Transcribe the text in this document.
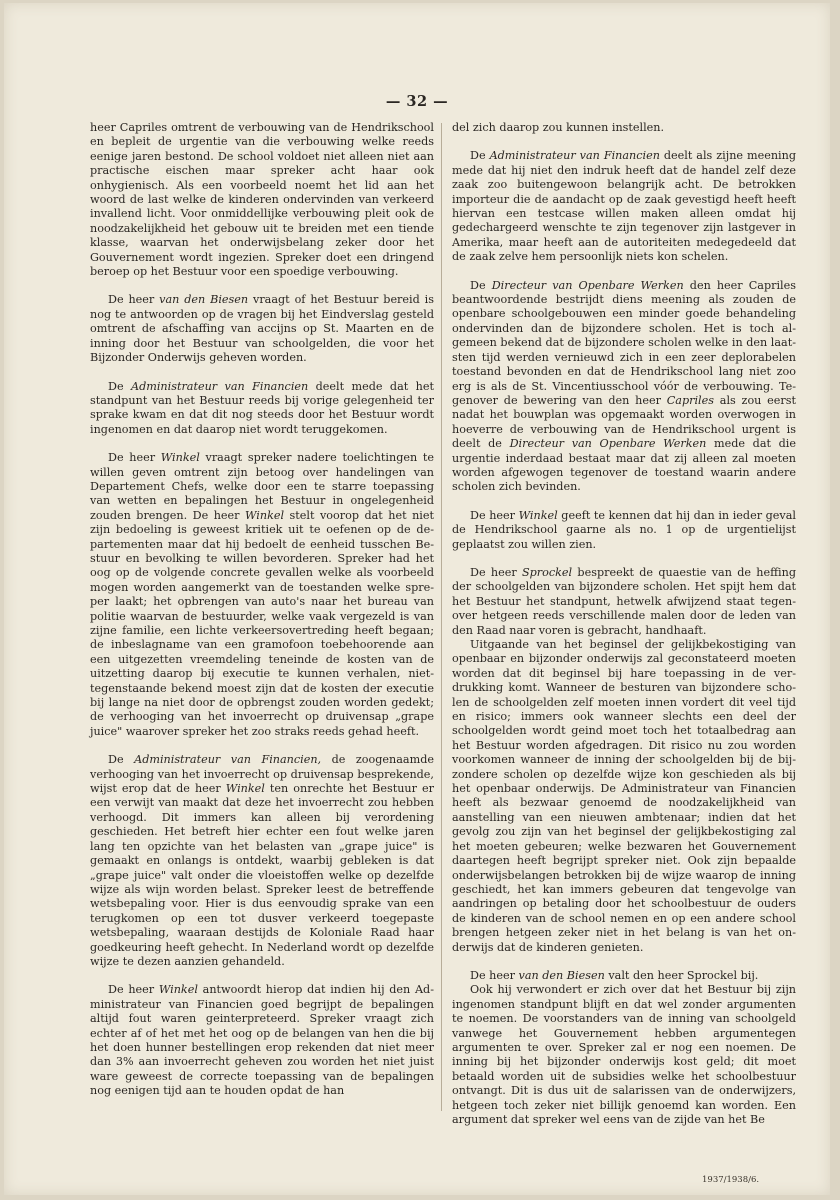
— 32 —

heer Capriles omtrent de verbouwing van de Hendrikschool en bepleit de urgentie van die verbouwing welke reeds eenige jaren bestond. De school voldoet niet alleen niet aan practische eischen maar spreker acht haar ook onhygienisch. Als een voorbeeld noemt het lid aan het woord de last welke de kinderen ondervinden van verkeerd invallend licht. Voor onmiddellijke verbouwing pleit ook de noodzakelijkheid het gebouw uit te breiden met een tiende klasse, waarvan het onderwijsbelang zeker door het Gouvernement wordt ingezien. Spreker doet een dringend beroep op het Bestuur voor een spoedige verbouwing.

De heer van den Biesen vraagt of het Bestuur bereid is nog te antwoorden op de vragen bij het Eindverslag gesteld omtrent de afschaffing van accijns op St. Maarten en de inning door het Bestuur van schoolgelden, die voor het Bijzonder Onderwijs geheven worden.

De Administrateur van Financien deelt mede dat het standpunt van het Bestuur reeds bij vorige gelegenheid ter sprake kwam en dat dit nog steeds door het Bestuur wordt ingenomen en dat daarop niet wordt teruggekomen.

De heer Winkel vraagt spreker nadere toelichtingen te willen geven omtrent zijn betoog over handelingen van Departement Chefs, welke door een te starre toepassing van wetten en bepalingen het Bestuur in ongelegenheid zouden brengen. De heer Winkel stelt voorop dat het niet zijn bedoeling is geweest kritiek uit te oefenen op de departementen maar dat hij bedoelt de eenheid tusschen Bestuur en bevolking te willen bevorderen. Spreker had het oog op de volgende concrete gevallen welke als voorbeeld mogen worden aangemerkt van de toestanden welke spreper laakt; het opbrengen van auto's naar het bureau van politie waarvan de bestuurder, welke vaak vergezeld is van zijne familie, een lichte verkeersovertreding heeft begaan; de inbeslagname van een gramofoon toebehoorende aan een uitgezetten vreemdeling teneinde de kosten van de uitzetting daarop bij executie te kunnen verhalen, niettegenstaande bekend moest zijn dat de kosten der executie bij lange na niet door de opbrengst zouden worden gedekt; de verhooging van het invoerrecht op druivensap „grape juice" waarover spreker het zoo straks reeds gehad heeft.

De Administrateur van Financien, de zoogenaamde verhooging van het invoerrecht op druivensap besprekende, wijst erop dat de heer Winkel ten onrechte het Bestuur er een verwijt van maakt dat deze het invoerrecht zou hebben verhoogd. Dit immers kan alleen bij verordening geschieden. Het betreft hier echter een fout welke jaren lang ten opzichte van het belasten van „grape juice" is gemaakt en onlangs is ontdekt, waarbij gebleken is dat „grape juice" valt onder die vloeistoffen welke op dezelfde wijze als wijn worden belast. Spreker leest de betreffende wetsbepaling voor. Hier is dus eenvoudig sprake van een terugkomen op een tot dusver verkeerd toegepaste wetsbepaling, waaraan destijds de Koloniale Raad haar goedkeuring heeft gehecht. In Nederland wordt op dezelfde wijze te dezen aanzien gehandeld.

De heer Winkel antwoordt hierop dat indien hij den Administrateur van Financien goed begrijpt de bepalingen altijd fout waren geinterpreteerd. Spreker vraagt zich echter af of het met het oog op de belangen van hen die bij het doen hunner bestellingen erop rekenden dat niet meer dan 3% aan invoerrecht geheven zou worden het niet juist ware geweest de correcte toepassing van de bepalingen nog eenigen tijd aan te houden opdat de han

del zich daarop zou kunnen instellen.

De Administrateur van Financien deelt als zijne meening mede dat hij niet den indruk heeft dat de handel zelf deze zaak zoo buitengewoon belangrijk acht. De betrokken importeur die de aandacht op de zaak gevestigd heeft heeft hiervan een testcase willen maken alleen omdat hij gedechargeerd wenschte te zijn tegenover zijn lastgever in Amerika, maar heeft aan de autoriteiten medegedeeld dat de zaak zelve hem persoonlijk niets kon schelen.

De Directeur van Openbare Werken den heer Capriles beantwoordende bestrijdt diens meening als zouden de openbare schoolgebouwen een minder goede behandeling ondervinden dan de bijzondere scholen. Het is toch algemeen bekend dat de bijzondere scholen welke in den laatsten tijd werden vernieuwd zich in een zeer deplorabelen toestand bevonden en dat de Hendrikschool lang niet zoo erg is als de St. Vincentiusschool vóór de verbouwing. Tegenover de bewering van den heer Capriles als zou eerst nadat het bouwplan was opgemaakt worden overwogen in hoeverre de verbouwing van de Hendrikschool urgent is deelt de Directeur van Openbare Werken mede dat die urgentie inderdaad bestaat maar dat zij alleen zal moeten worden afgewogen tegenover de toestand waarin andere scholen zich bevinden.

De heer Winkel geeft te kennen dat hij dan in ieder geval de Hendrikschool gaarne als no. 1 op de urgentielijst geplaatst zou willen zien.

De heer Sprockel bespreekt de quaestie van de heffing der schoolgelden van bijzondere scholen. Het spijt hem dat het Bestuur het standpunt, hetwelk afwijzend staat tegenover hetgeen reeds verschillende malen door de leden van den Raad naar voren is gebracht, handhaaft.

Uitgaande van het beginsel der gelijkbekostiging van openbaar en bijzonder onderwijs zal geconstateerd moeten worden dat dit beginsel bij hare toepassing in de verdrukking komt. Wanneer de besturen van bijzondere scholen de schoolgelden zelf moeten innen vordert dit veel tijd en risico; immers ook wanneer slechts een deel der schoolgelden wordt geind moet toch het totaalbedrag aan het Bestuur worden afgedragen. Dit risico nu zou worden voorkomen wanneer de inning der schoolgelden bij de bijzondere scholen op dezelfde wijze kon geschieden als bij het openbaar onderwijs. De Administrateur van Financien heeft als bezwaar genoemd de noodzakelijkheid van aanstelling van een nieuwen ambtenaar; indien dat het gevolg zou zijn van het beginsel der gelijkbekostiging zal het moeten gebeuren; welke bezwaren het Gouvernement daartegen heeft begrijpt spreker niet. Ook zijn bepaalde onderwijsbelangen betrokken bij de wijze waarop de inning geschiedt, het kan immers gebeuren dat tengevolge van aandringen op betaling door het schoolbestuur de ouders de kinderen van de school nemen en op een andere school brengen hetgeen zeker niet in het belang is van het onderwijs dat de kinderen genieten.

De heer van den Biesen valt den heer Sprockel bij.

Ook hij verwondert er zich over dat het Bestuur bij zijn ingenomen standpunt blijft en dat wel zonder argumenten te noemen. De voorstanders van de inning van schoolgeld vanwege het Gouvernement hebben argumentegen argumenten te over. Spreker zal er nog een noemen. De inning bij het bijzonder onderwijs kost geld; dit moet betaald worden uit de subsidies welke het schoolbestuur ontvangt. Dit is dus uit de salarissen van de onderwijzers, hetgeen toch zeker niet billijk genoemd kan worden. Een argument dat spreker wel eens van de zijde van het Be

1937/1938/6.
